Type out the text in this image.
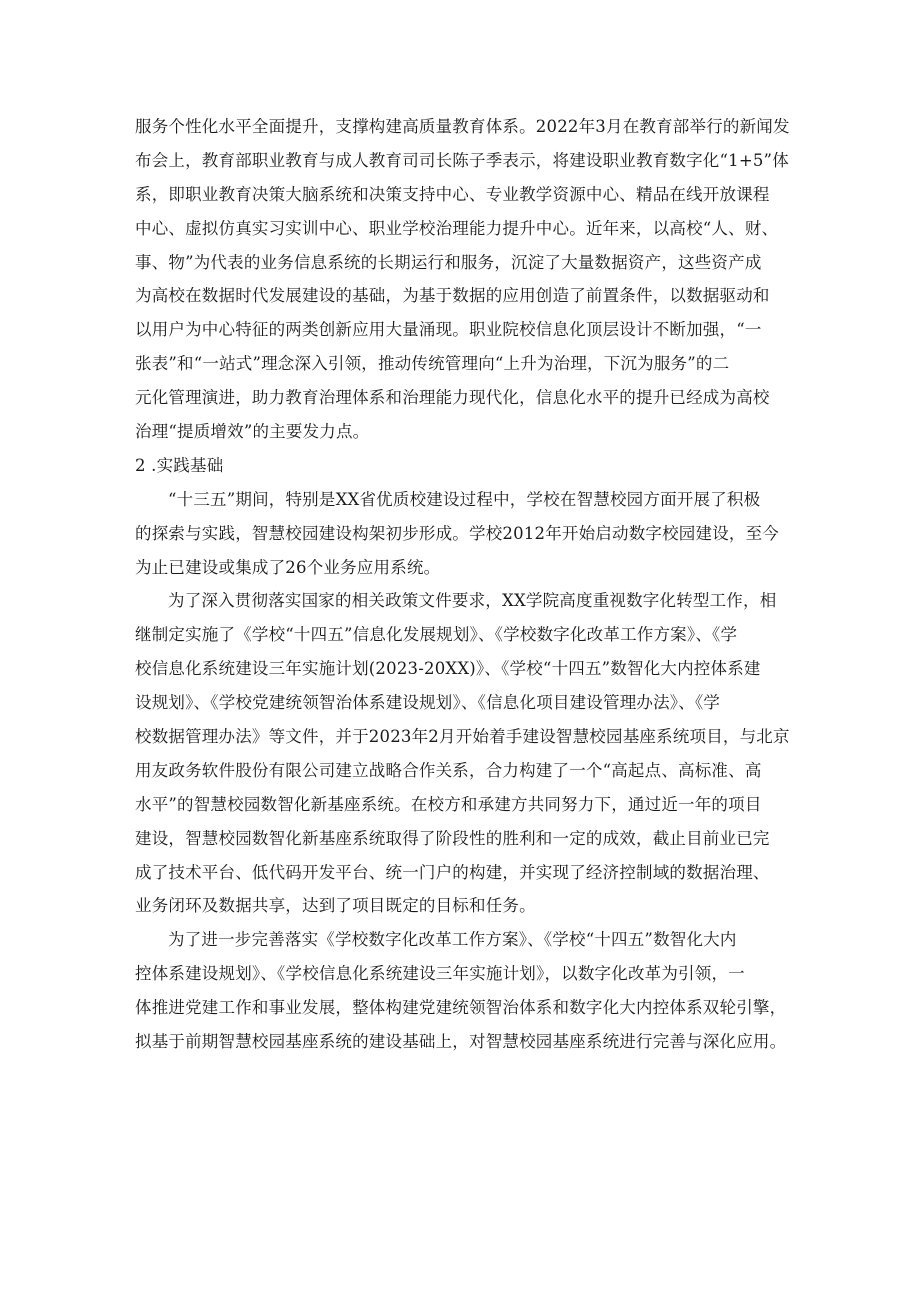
服务个性化水平全面提升，支撑构建高质量教育体系。2022年3月在教育部举行的新闻发
布会上，教育部职业教育与成人教育司司长陈子季表示，将建设职业教育数字化“1+5”体
系，即职业教育决策大脑系统和决策支持中心、专业教学资源中心、精品在线开放课程
中心、虚拟仿真实习实训中心、职业学校治理能力提升中心。近年来，以高校“人、财、
事、物”为代表的业务信息系统的长期运行和服务，沉淀了大量数据资产，这些资产成
为高校在数据时代发展建设的基础，为基于数据的应用创造了前置条件，以数据驱动和
以用户为中心特征的两类创新应用大量涌现。职业院校信息化顶层设计不断加强，“一
张表”和“一站式”理念深入引领，推动传统管理向“上升为治理，下沉为服务”的二
元化管理演进，助力教育治理体系和治理能力现代化，信息化水平的提升已经成为高校
治理“提质增效”的主要发力点。
2 .实践基础
“十三五”期间，特别是XX省优质校建设过程中，学校在智慧校园方面开展了积极
的探索与实践，智慧校园建设构架初步形成。学校2012年开始启动数字校园建设，至今
为止已建设或集成了26个业务应用系统。
为了深入贯彻落实国家的相关政策文件要求，XX学院高度重视数字化转型工作，相
继制定实施了《学校“十四五”信息化发展规划》、《学校数字化改革工作方案》、《学
校信息化系统建设三年实施计划(2023-20XX)》、《学校“十四五”数智化大内控体系建
设规划》、《学校党建统领智治体系建设规划》、《信息化项目建设管理办法》、《学
校数据管理办法》等文件，并于2023年2月开始着手建设智慧校园基座系统项目，与北京
用友政务软件股份有限公司建立战略合作关系，合力构建了一个“高起点、高标准、高
水平”的智慧校园数智化新基座系统。在校方和承建方共同努力下，通过近一年的项目
建设，智慧校园数智化新基座系统取得了阶段性的胜利和一定的成效，截止目前业已完
成了技术平台、低代码开发平台、统一门户的构建，并实现了经济控制域的数据治理、
业务闭环及数据共享，达到了项目既定的目标和任务。
为了进一步完善落实《学校数字化改革工作方案》、《学校“十四五”数智化大内
控体系建设规划》、《学校信息化系统建设三年实施计划》，以数字化改革为引领，一
体推进党建工作和事业发展，整体构建党建统领智治体系和数字化大内控体系双轮引擎，
拟基于前期智慧校园基座系统的建设基础上，对智慧校园基座系统进行完善与深化应用。
